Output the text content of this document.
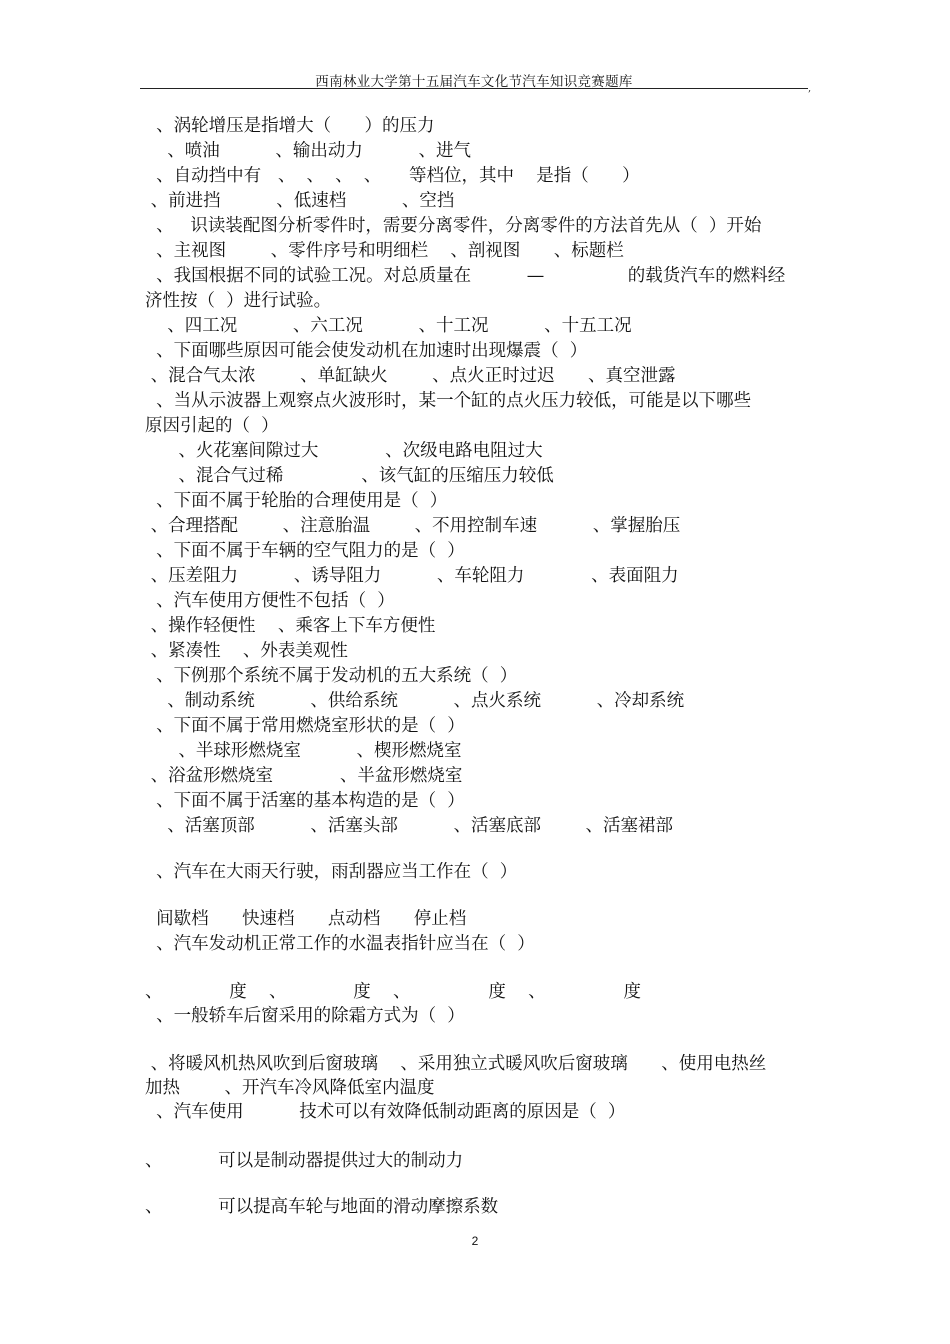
西南林业大学第十五届汽车文化节汽车知识竞赛题库	,
、涡轮增压是指增大（      ）的压力
、喷油          、输出动力          、进气
、自动挡中有   、  、  、  、     等档位，其中    是指（      ）
、前进挡          、低速档          、空挡
、   识读装配图分析零件时，需要分离零件，分离零件的方法首先从（  ）开始
、主视图        、零件序号和明细栏    、剖视图      、标题栏
、我国根据不同的试验工况。对总质量在          —               的载货汽车的燃料经
济性按（  ）进行试验。
、四工况          、六工况          、十工况          、十五工况
、下面哪些原因可能会使发动机在加速时出现爆震（  ）
、混合气太浓        、单缸缺火        、点火正时过迟      、真空泄露
、当从示波器上观察点火波形时，某一个缸的点火压力较低，可能是以下哪些
原因引起的（  ）
、火花塞间隙过大            、次级电路电阻过大
、混合气过稀              、该气缸的压缩压力较低
、下面不属于轮胎的合理使用是（  ）
、合理搭配        、注意胎温        、不用控制车速          、掌握胎压
、下面不属于车辆的空气阻力的是（  ）
、压差阻力          、诱导阻力          、车轮阻力            、表面阻力
、汽车使用方便性不包括（  ）
、操作轻便性    、乘客上下车方便性
、紧凑性    、外表美观性
、下例那个系统不属于发动机的五大系统（  ）
、制动系统          、供给系统          、点火系统          、冷却系统
、下面不属于常用燃烧室形状的是（  ）
、半球形燃烧室          、楔形燃烧室
、浴盆形燃烧室            、半盆形燃烧室
、下面不属于活塞的基本构造的是（  ）
、活塞顶部          、活塞头部          、活塞底部        、活塞裙部
、汽车在大雨天行驶，雨刮器应当工作在（  ）
间歇档      快速档      点动档      停止档
、汽车发动机正常工作的水温表指针应当在（  ）
、            度    、            度    、              度    、              度
、一般轿车后窗采用的除霜方式为（  ）
、将暖风机热风吹到后窗玻璃    、采用独立式暖风吹后窗玻璃      、使用电热丝
加热        、开汽车冷风降低室内温度
、汽车使用          技术可以有效降低制动距离的原因是（  ）
、          可以是制动器提供过大的制动力
、          可以提高车轮与地面的滑动摩擦系数
2
